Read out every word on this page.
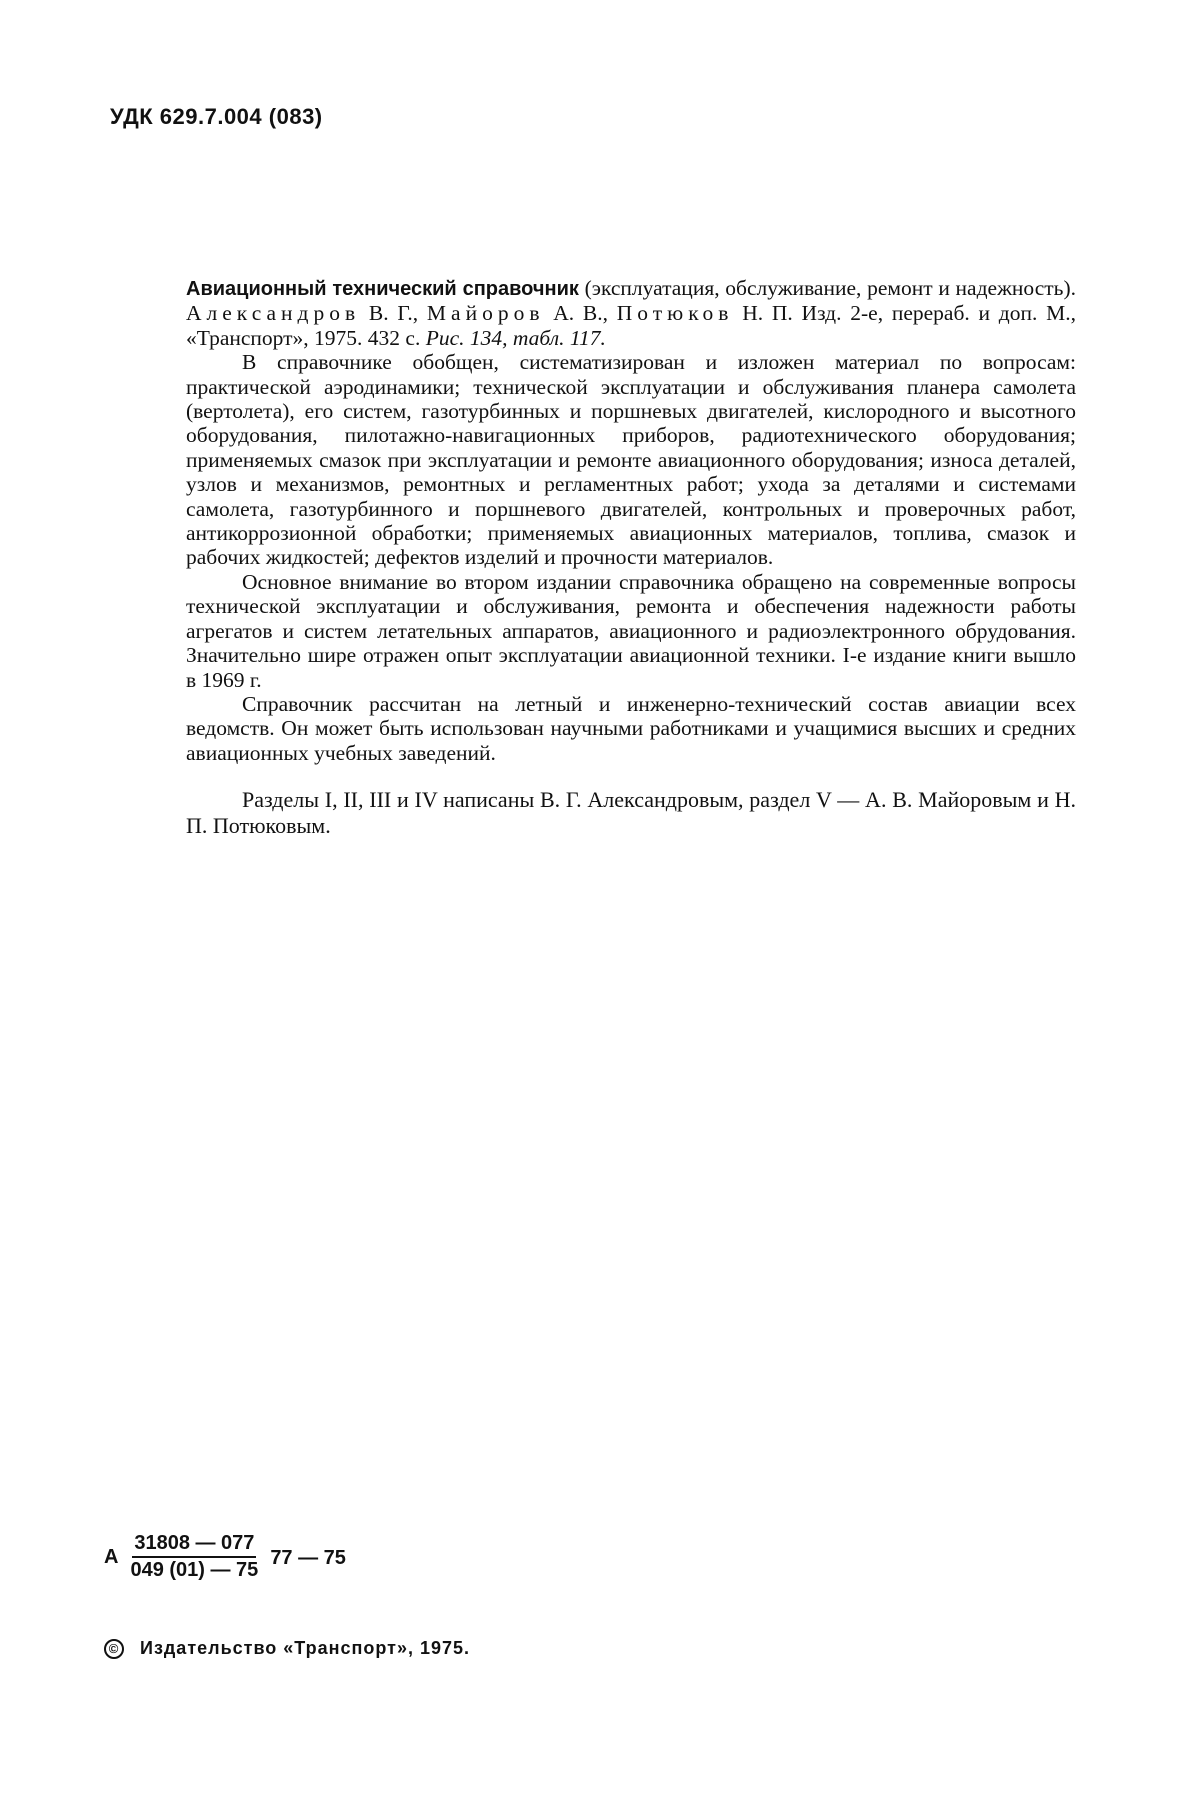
УДК 629.7.004 (083)

Авиационный технический справочник (эксплуатация, обслуживание, ремонт и надежность). Александров В. Г., Майоров А. В., Потюков Н. П. Изд. 2-е, перераб. и доп. М., «Транспорт», 1975. 432 с. Рис. 134, табл. 117.

В справочнике обобщен, систематизирован и изложен материал по вопросам: практической аэродинамики; технической эксплуатации и обслуживания планера самолета (вертолета), его систем, газотурбинных и поршневых двигателей, кислородного и высотного оборудования, пилотажно-навигационных приборов, радиотехнического оборудования; применяемых смазок при эксплуатации и ремонте авиационного оборудования; износа деталей, узлов и механизмов, ремонтных и регламентных работ; ухода за деталями и системами самолета, газотурбинного и поршневого двигателей, контрольных и проверочных работ, антикоррозионной обработки; применяемых авиационных материалов, топлива, смазок и рабочих жидкостей; дефектов изделий и прочности материалов.

Основное внимание во втором издании справочника обращено на современные вопросы технической эксплуатации и обслуживания, ремонта и обеспечения надежности работы агрегатов и систем летательных аппаратов, авиационного и радиоэлектронного обрудования. Значительно шире отражен опыт эксплуатации авиационной техники. I-е издание книги вышло в 1969 г.

Справочник рассчитан на летный и инженерно-технический состав авиации всех ведомств. Он может быть использован научными работниками и учащимися высших и средних авиационных учебных заведений.

Разделы I, II, III и IV написаны В. Г. Александровым, раздел V — А. В. Майоровым и Н. П. Потюковым.

А $\frac{31808 — 077}{049 (01) — 75} 77$ — 75
© Издательство «Транспорт», 1975.
